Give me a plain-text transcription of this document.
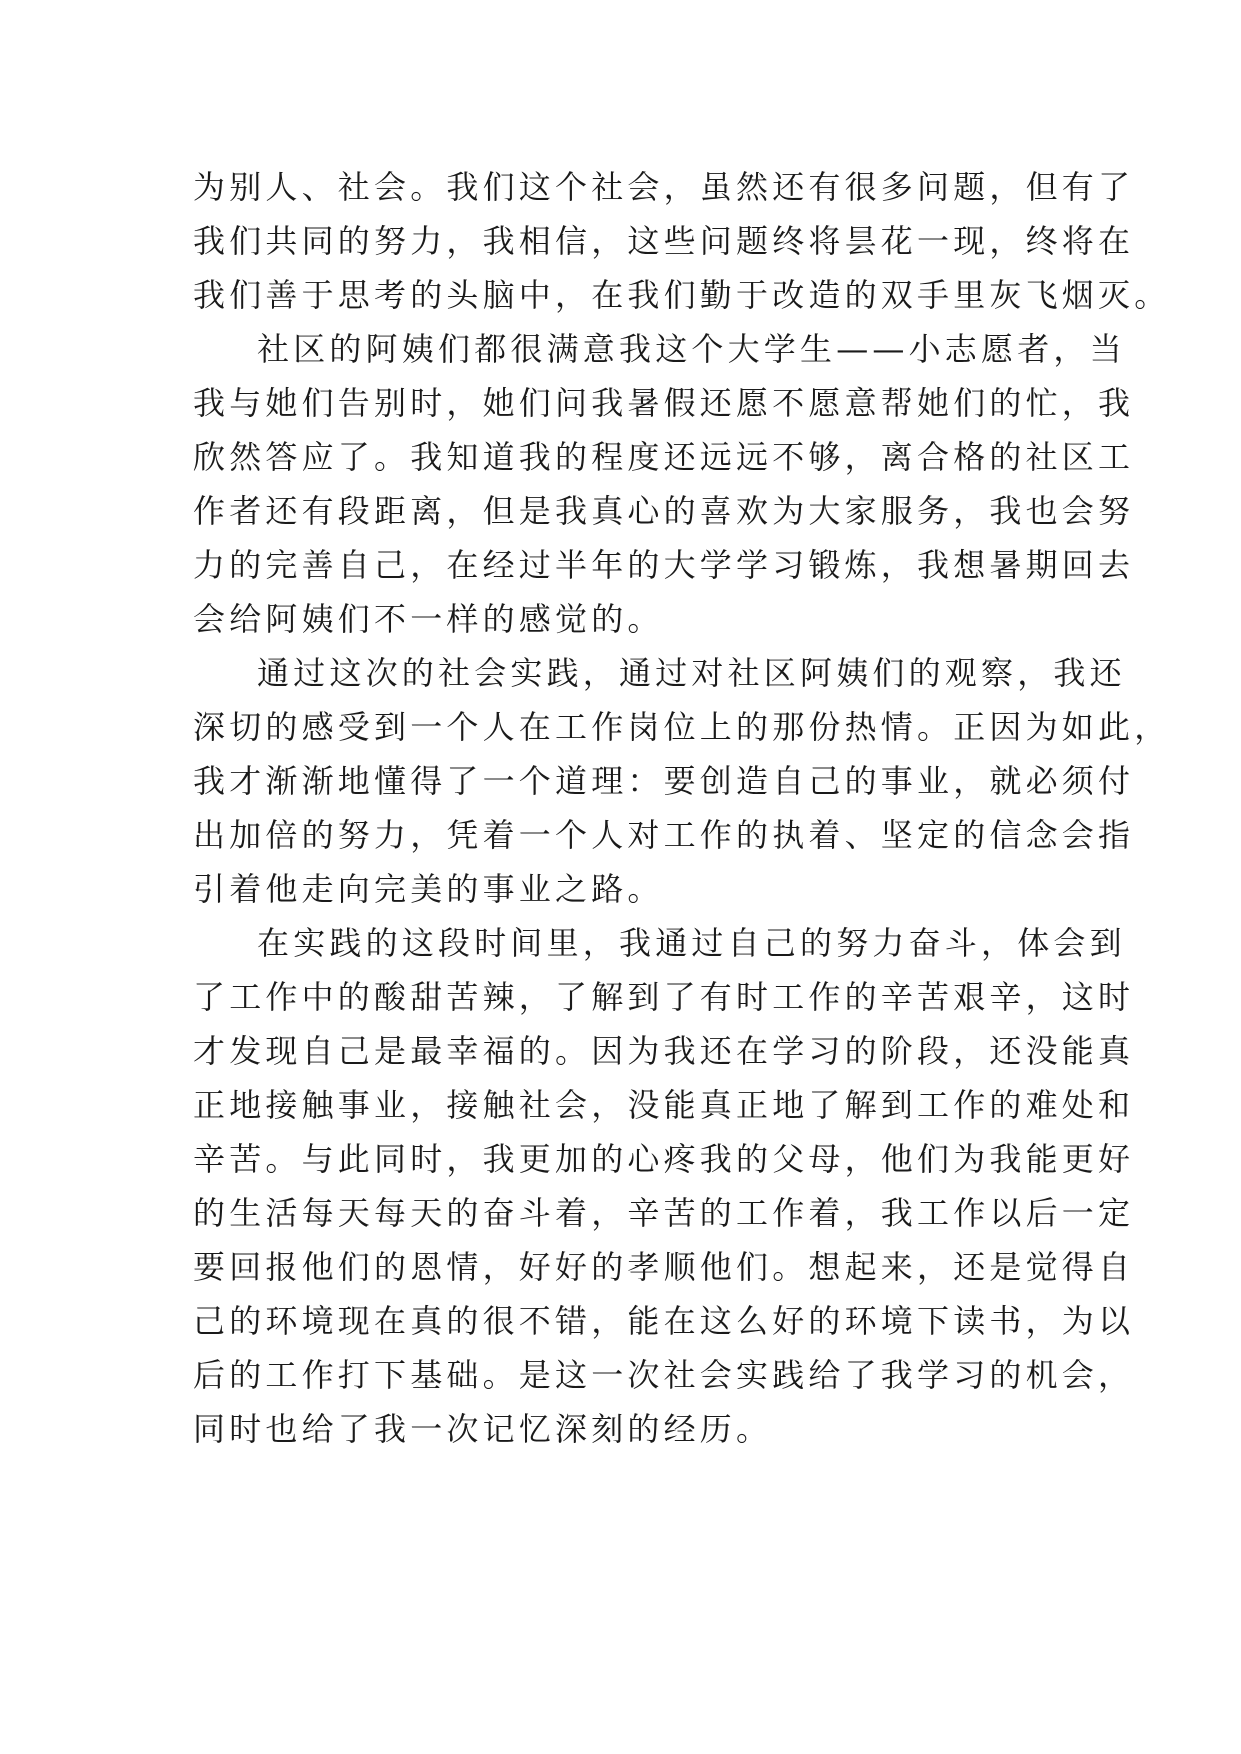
为别人、社会。我们这个社会，虽然还有很多问题，但有了
我们共同的努力，我相信，这些问题终将昙花一现，终将在
我们善于思考的头脑中，在我们勤于改造的双手里灰飞烟灭。
社区的阿姨们都很满意我这个大学生——小志愿者，当
我与她们告别时，她们问我暑假还愿不愿意帮她们的忙，我
欣然答应了。我知道我的程度还远远不够，离合格的社区工
作者还有段距离，但是我真心的喜欢为大家服务，我也会努
力的完善自己，在经过半年的大学学习锻炼，我想暑期回去
会给阿姨们不一样的感觉的。
通过这次的社会实践，通过对社区阿姨们的观察，我还
深切的感受到一个人在工作岗位上的那份热情。正因为如此，
我才渐渐地懂得了一个道理：要创造自己的事业，就必须付
出加倍的努力，凭着一个人对工作的执着、坚定的信念会指
引着他走向完美的事业之路。
在实践的这段时间里，我通过自己的努力奋斗，体会到
了工作中的酸甜苦辣，了解到了有时工作的辛苦艰辛，这时
才发现自己是最幸福的。因为我还在学习的阶段，还没能真
正地接触事业，接触社会，没能真正地了解到工作的难处和
辛苦。与此同时，我更加的心疼我的父母，他们为我能更好
的生活每天每天的奋斗着，辛苦的工作着，我工作以后一定
要回报他们的恩情，好好的孝顺他们。想起来，还是觉得自
己的环境现在真的很不错，能在这么好的环境下读书，为以
后的工作打下基础。是这一次社会实践给了我学习的机会，
同时也给了我一次记忆深刻的经历。
